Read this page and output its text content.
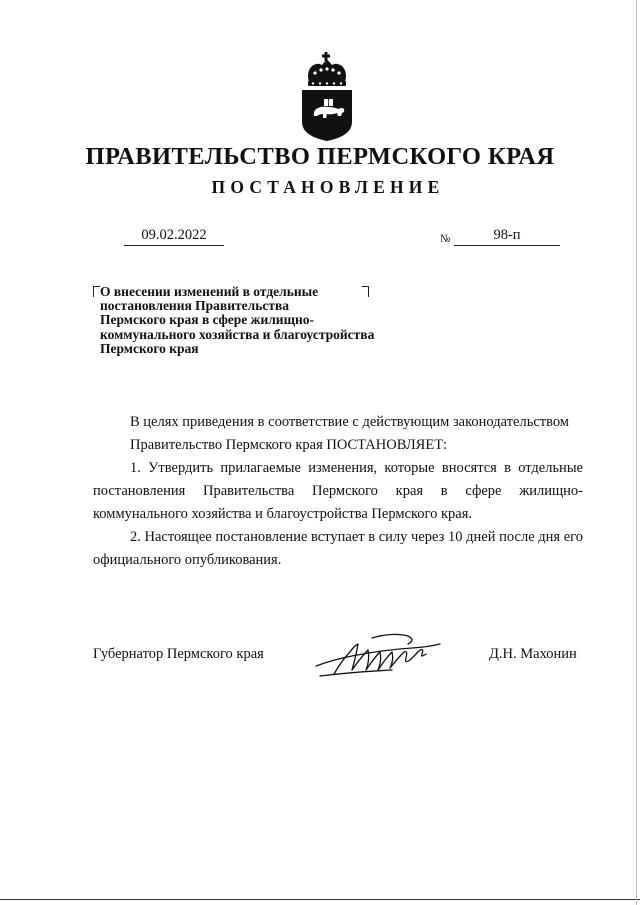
ПРАВИТЕЛЬСТВО ПЕРМСКОГО КРАЯ
ПОСТАНОВЛЕНИЕ
09.02.2022	№	98-п
О внесении изменений в отдельные
постановления Правительства
Пермского края в сфере жилищно-
коммунального хозяйства и благоустройства
Пермского края

В целях приведения в соответствие с действующим законодательством

Правительство Пермского края ПОСТАНОВЛЯЕТ:

1. Утвердить прилагаемые изменения, которые вносятся в отдельные постановления Правительства Пермского края в сфере жилищно-коммунального хозяйства и благоустройства Пермского края.

2. Настоящее постановление вступает в силу через 10 дней после дня его официального опубликования.

Губернатор Пермского края	Д.Н. Махонин
